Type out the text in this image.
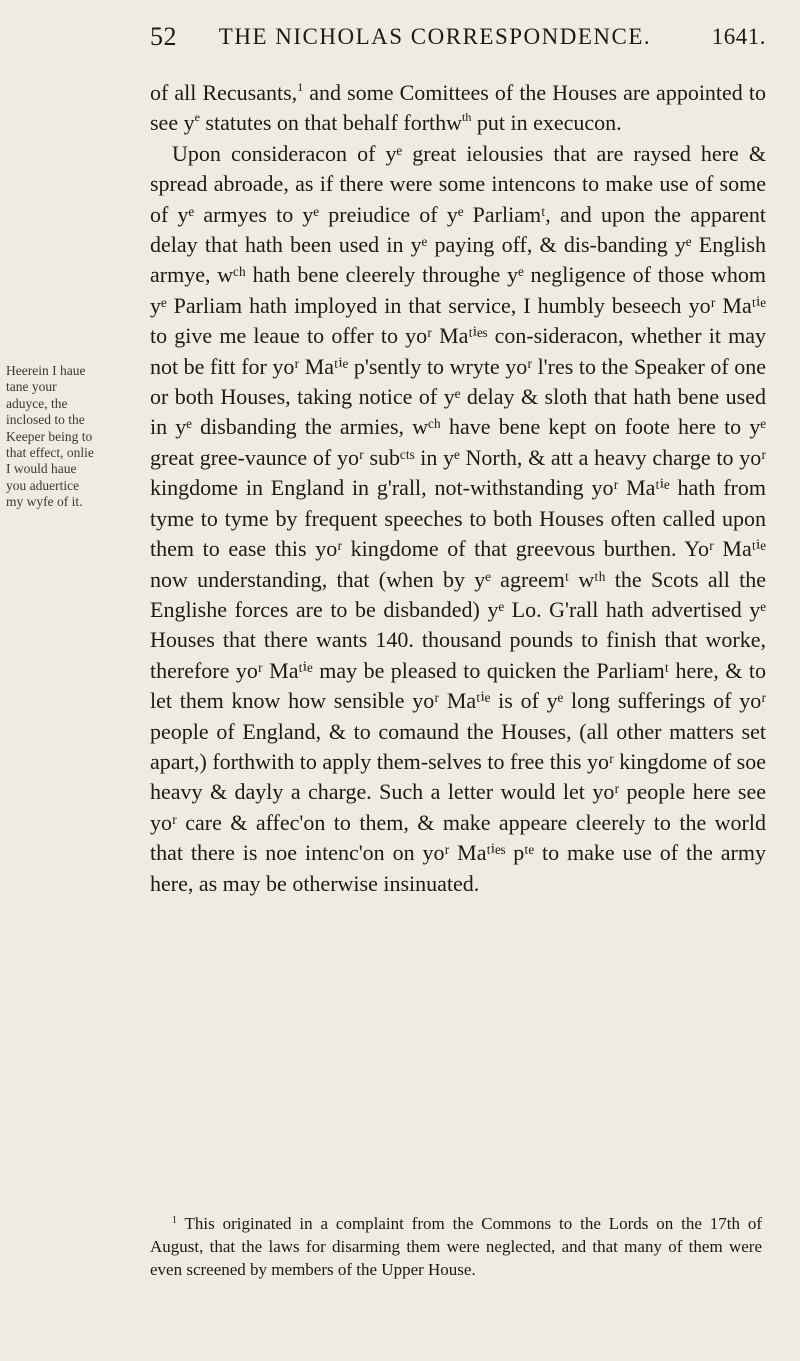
52	THE NICHOLAS CORRESPONDENCE.	1641.
Heerein I haue tane your aduyce, the inclosed to the Keeper being to that effect, onlie I would haue you aduertice my wyfe of it.

of all Recusants,$^1$ and some Comittees of the Houses are appointed to see $y^e$ statutes on that behalf forthw$^{th}$ put in execucon.

Upon consideracon of yᵉ great ielousies that are raysed here & spread abroade, as if there were some intencons to make use of some of yᵉ armyes to yᵉ preiudice of yᵉ Parliamᵗ, and upon the apparent delay that hath been used in yᵉ paying off, & dis-banding yᵉ English armye, wᶜʰ hath bene cleerely throughe yᵉ negligence of those whom yᵉ Parliam hath imployed in that service, I humbly beseech yoʳ Maᵗⁱᵉ to give me leaue to offer to yoʳ Maᵗⁱᵉˢ con-sideracon, whether it may not be fitt for yoʳ Maᵗⁱᵉ p'sently to wryte yoʳ l'res to the Speaker of one or both Houses, taking notice of yᵉ delay & sloth that hath bene used in yᵉ disbanding the armies, wᶜʰ have bene kept on foote here to yᵉ great gree-vaunce of yoʳ subᶜᵗˢ in yᵉ North, & att a heavy charge to yoʳ kingdome in England in g'rall, not-withstanding yoʳ Maᵗⁱᵉ hath from tyme to tyme by frequent speeches to both Houses often called upon them to ease this yoʳ kingdome of that greevous burthen. Yoʳ Maᵗⁱᵉ now understanding, that (when by yᵉ agreemᵗ wᵗʰ the Scots all the Englishe forces are to be disbanded) yᵉ Lo. G'rall hath advertised yᵉ Houses that there wants 140. thousand pounds to finish that worke, therefore yoʳ Maᵗⁱᵉ may be pleased to quicken the Parliamᵗ here, & to let them know how sensible yoʳ Maᵗⁱᵉ is of yᵉ long sufferings of yoʳ people of England, & to comaund the Houses, (all other matters set apart,) forthwith to apply them-selves to free this yoʳ kingdome of soe heavy & dayly a charge. Such a letter would let yoʳ people here see yoʳ care & affec'on to them, & make appeare cleerely to the world that there is noe intenc'on on yoʳ Maᵗⁱᵉˢ pᵗᵉ to make use of the army here, as may be otherwise insinuated.

$^1$ This originated in a complaint from the Commons to the Lords on the 17th of August, that the laws for disarming them were neglected, and that many of them were even screened by members of the Upper House.
